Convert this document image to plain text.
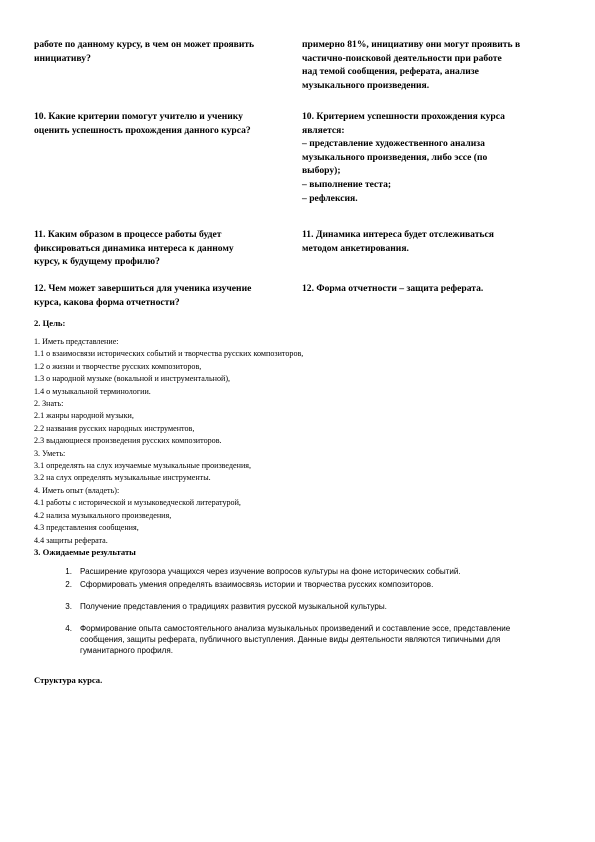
работе по данному курсу, в чем он может проявить
инициативу?
примерно 81%, инициативу они могут проявить в
частично-поисковой деятельности при работе
над темой сообщения, реферата, анализе
музыкального произведения.
10. Какие критерии помогут учителю и ученику
оценить успешность прохождения данного курса?
10. Критерием успешности прохождения курса
является:
– представление художественного анализа
музыкального произведения, либо эссе (по
выбору);
– выполнение теста;
– рефлексия.
11. Каким образом в процессе работы будет
фиксироваться динамика интереса к данному
курсу, к будущему профилю?
11. Динамика интереса будет отслеживаться
методом анкетирования.
12. Чем может завершиться для ученика изучение
курса, какова форма отчетности?
12. Форма отчетности – защита реферата.
2. Цель:
1. Иметь представление:
1.1 о взаимосвязи исторических событий и творчества русских композиторов,
1.2 о жизни и творчестве русских композиторов,
1.3 о народной музыке (вокальной и инструментальной),
1.4 о музыкальной терминологии.
2. Знать:
2.1 жанры народной музыки,
2.2 названия русских народных инструментов,
2.3 выдающиеся произведения русских композиторов.
3. Уметь:
3.1 определять на слух изучаемые музыкальные произведения,
3.2 на слух определять музыкальные инструменты.
4. Иметь опыт (владеть):
4.1 работы с исторической и музыковедческой литературой,
4.2 нализа музыкального произведения,
4.3 представления сообщения,
4.4 защиты реферата.
3. Ожидаемые результаты
1. Расширение кругозора учащихся через изучение вопросов культуры на фоне исторических событий.
2. Сформировать умения определять взаимосвязь истории и творчества русских композиторов.
3. Получение представления о традициях развития русской музыкальной культуры.
4. Формирование опыта самостоятельного анализа музыкальных произведений и составление эссе, представление
сообщения, защиты реферата, публичного выступления. Данные виды деятельности являются типичными для
гуманитарного профиля.
Структура курса.
